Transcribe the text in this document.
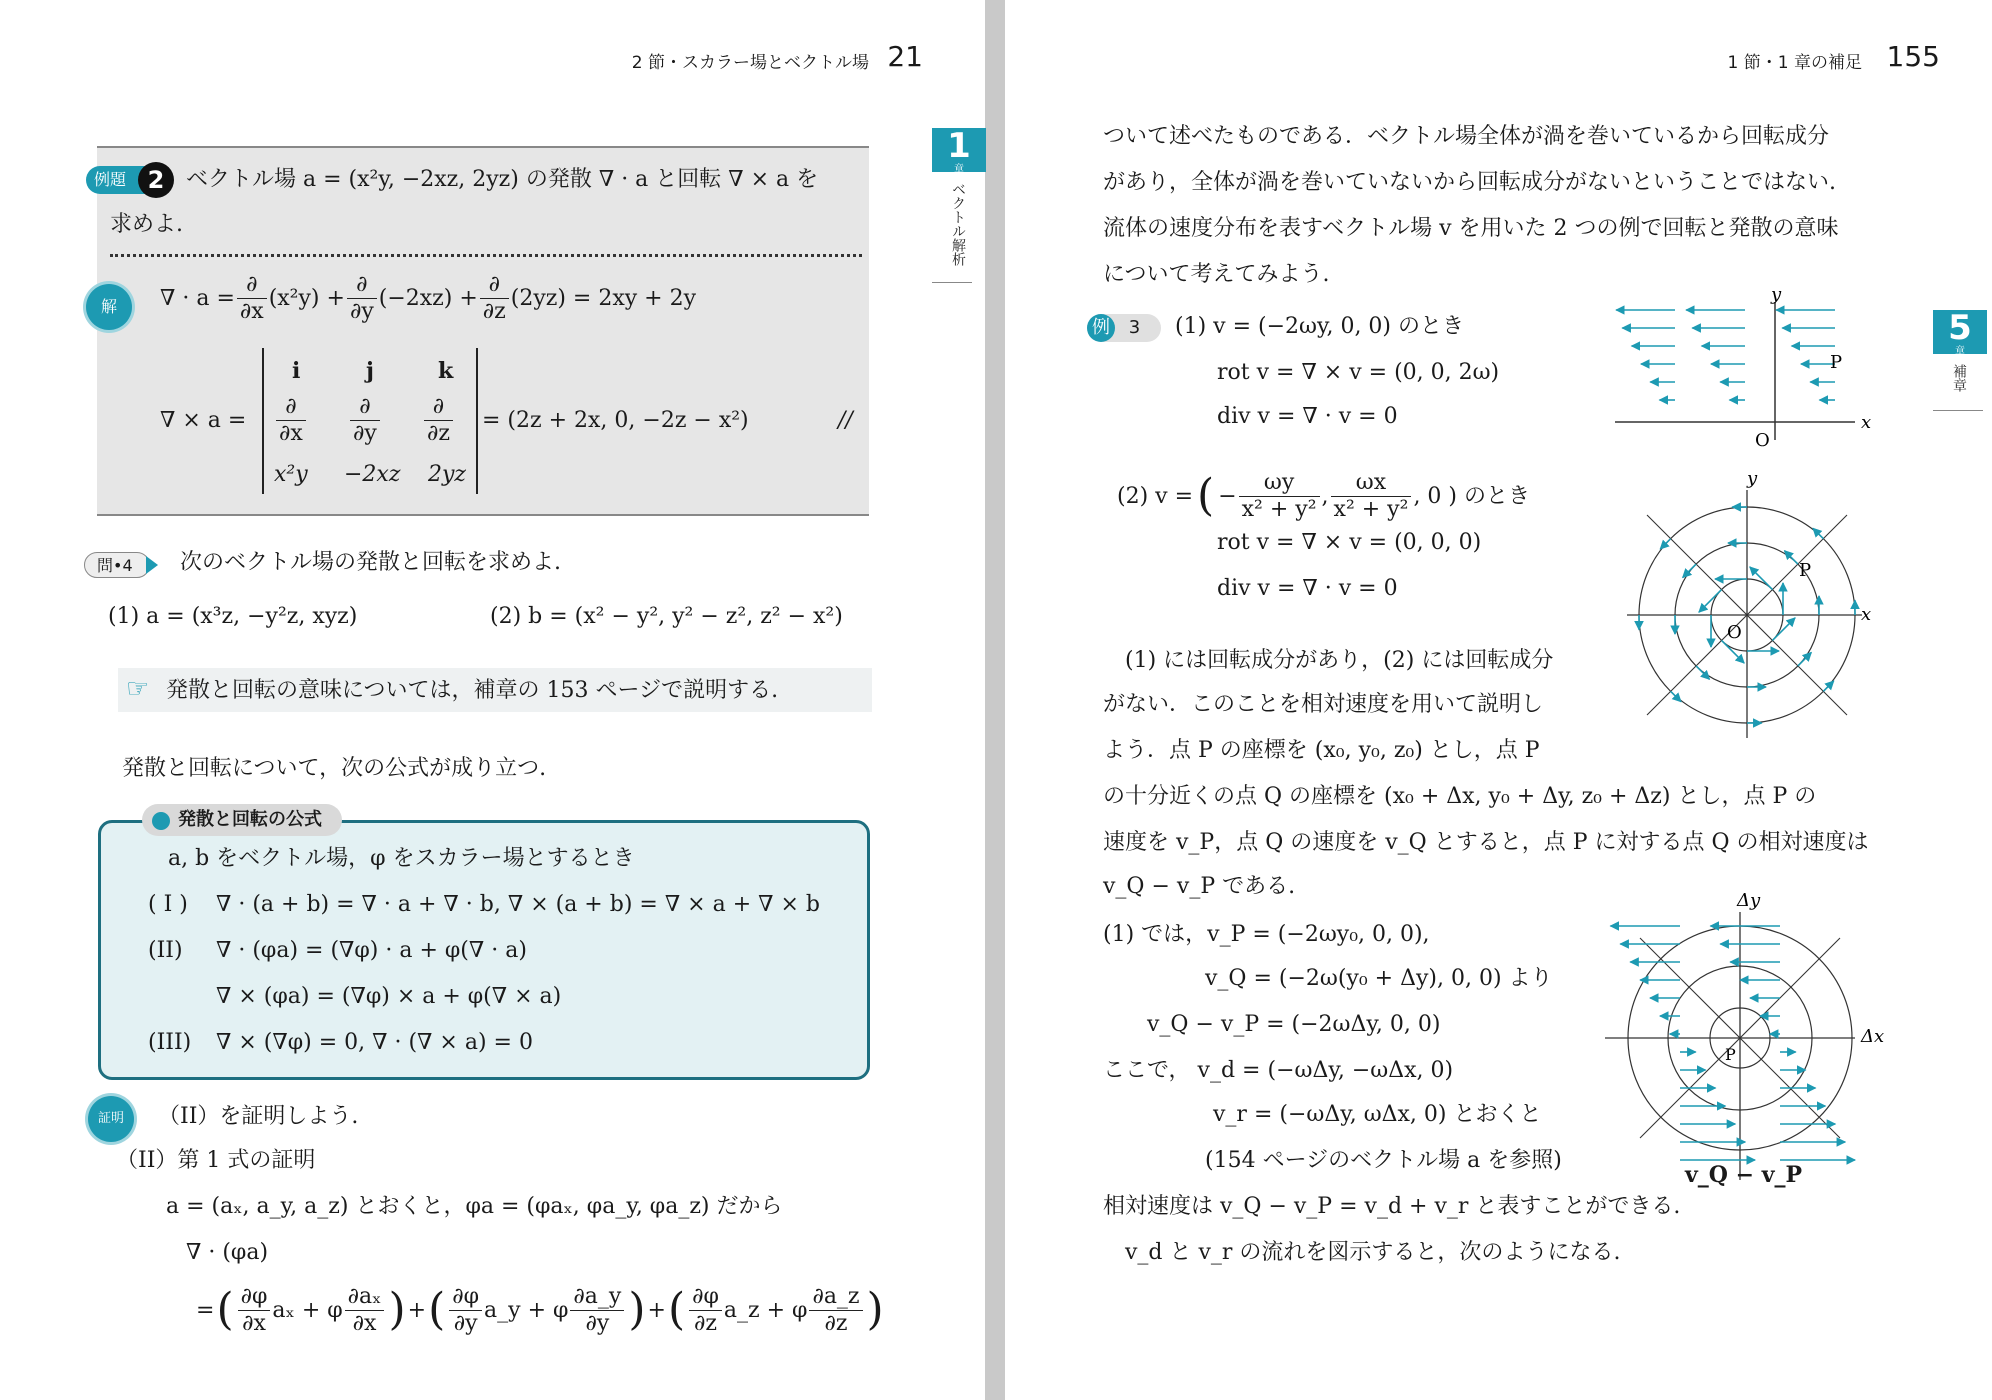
2 節・スカラー場とベクトル場 21
1
章
ベクトル解析
例題 2 ベクトル場 a = (x²y, −2xz, 2yz) の発散 ∇ · a と回転 ∇ × a を
求めよ.
解	∇ · $a = \frac{\partial}{\partial x} (x^2y) + \frac{\partial}{\partial y} (-2xz) + \frac{\partial}{\partial z} (2yz) = 2xy + 2y$
∇ × a =
i	j	k
$\frac{\partial}{\partial x} \frac{\partial}{\partial y} \frac{\partial}{\partial z}$
x²y −2xz 2yz
= (2z + 2x, 0, −2z − x²)	//
問•4	次のベクトル場の発散と回転を求めよ.
(1) a = (x³z, −y²z, xyz)	(2) b = (x² − y², y² − z², z² − x²)
☞ 発散と回転の意味については，補章の 153 ページで説明する.
発散と回転について，次の公式が成り立つ.
発散と回転の公式
a, b をベクトル場，φ をスカラー場とするとき
( I ) ∇ · (a + b) = ∇ · a + ∇ · b, ∇ × (a + b) = ∇ × a + ∇ × b
(II) ∇ · (φa) = (∇φ) · a + φ(∇ · a)
∇ × (φa) = (∇φ) × a + φ(∇ × a)
(III) ∇ × (∇φ) = 0, ∇ · (∇ × a) = 0
証明	（II）を証明しよう.
（II）第 1 式の証明
a = (aₓ, a_y, a_z) とおくと，φa = (φaₓ, φa_y, φa_z) だから
∇ · (φa)
= ( $\frac{\partial\varphi}{\partial x}$ aₓ + φ $\frac{\text{∂aₓ}}{\partial x}$ ) + ( $\frac{\partial\varphi}{\partial y}$ a_y + φ $\frac{\partial a\_y}{\partial y}$ ) + ( $\frac{\partial\varphi}{\partial z}$ a_z + φ $\frac{\partial a\_z}{\partial z}$ )
1 節・1 章の補足 155
5
章
補章
ついて述べたものである．ベクトル場全体が渦を巻いているから回転成分
があり，全体が渦を巻いていないから回転成分がないということではない.
流体の速度分布を表すベクトル場 v を用いた 2 つの例で回転と発散の意味
について考えてみよう.
例 3	(1) v = (−2ωy, 0, 0) のとき
rot v = ∇ × v = (0, 0, 2ω)
div v = ∇ · v = 0
(2) v = ( − $\frac{\omega y}{\text{x² + y²}}$ , $\frac{\omega x}{\text{x² + y²}}$ , 0 ) のとき
rot v = ∇ × v = (0, 0, 0)
div v = ∇ · v = 0
(1) には回転成分があり，(2) には回転成分
がない．このことを相対速度を用いて説明し
よう．点 P の座標を (x₀, y₀, z₀) とし，点 P
の十分近くの点 Q の座標を (x₀ + Δx, y₀ + Δy, z₀ + Δz) とし，点 P の
速度を v_P，点 Q の速度を v_Q とすると，点 P に対する点 Q の相対速度は
v_Q − v_P である.
(1) では，v_P = (−2ωy₀, 0, 0),
v_Q = (−2ω(y₀ + Δy), 0, 0) より
v_Q − v_P = (−2ωΔy, 0, 0)
ここで， v_d = (−ωΔy, −ωΔx, 0)
v_r = (−ωΔy, ωΔx, 0) とおくと
(154 ページのベクトル場 a を参照)
相対速度は v_Q − v_P = v_d + v_r と表すことができる.
v_d と v_r の流れを図示すると，次のようになる.
y
x
O
P
y
x
O
P
Δy
Δx
P
v_Q − v_P
